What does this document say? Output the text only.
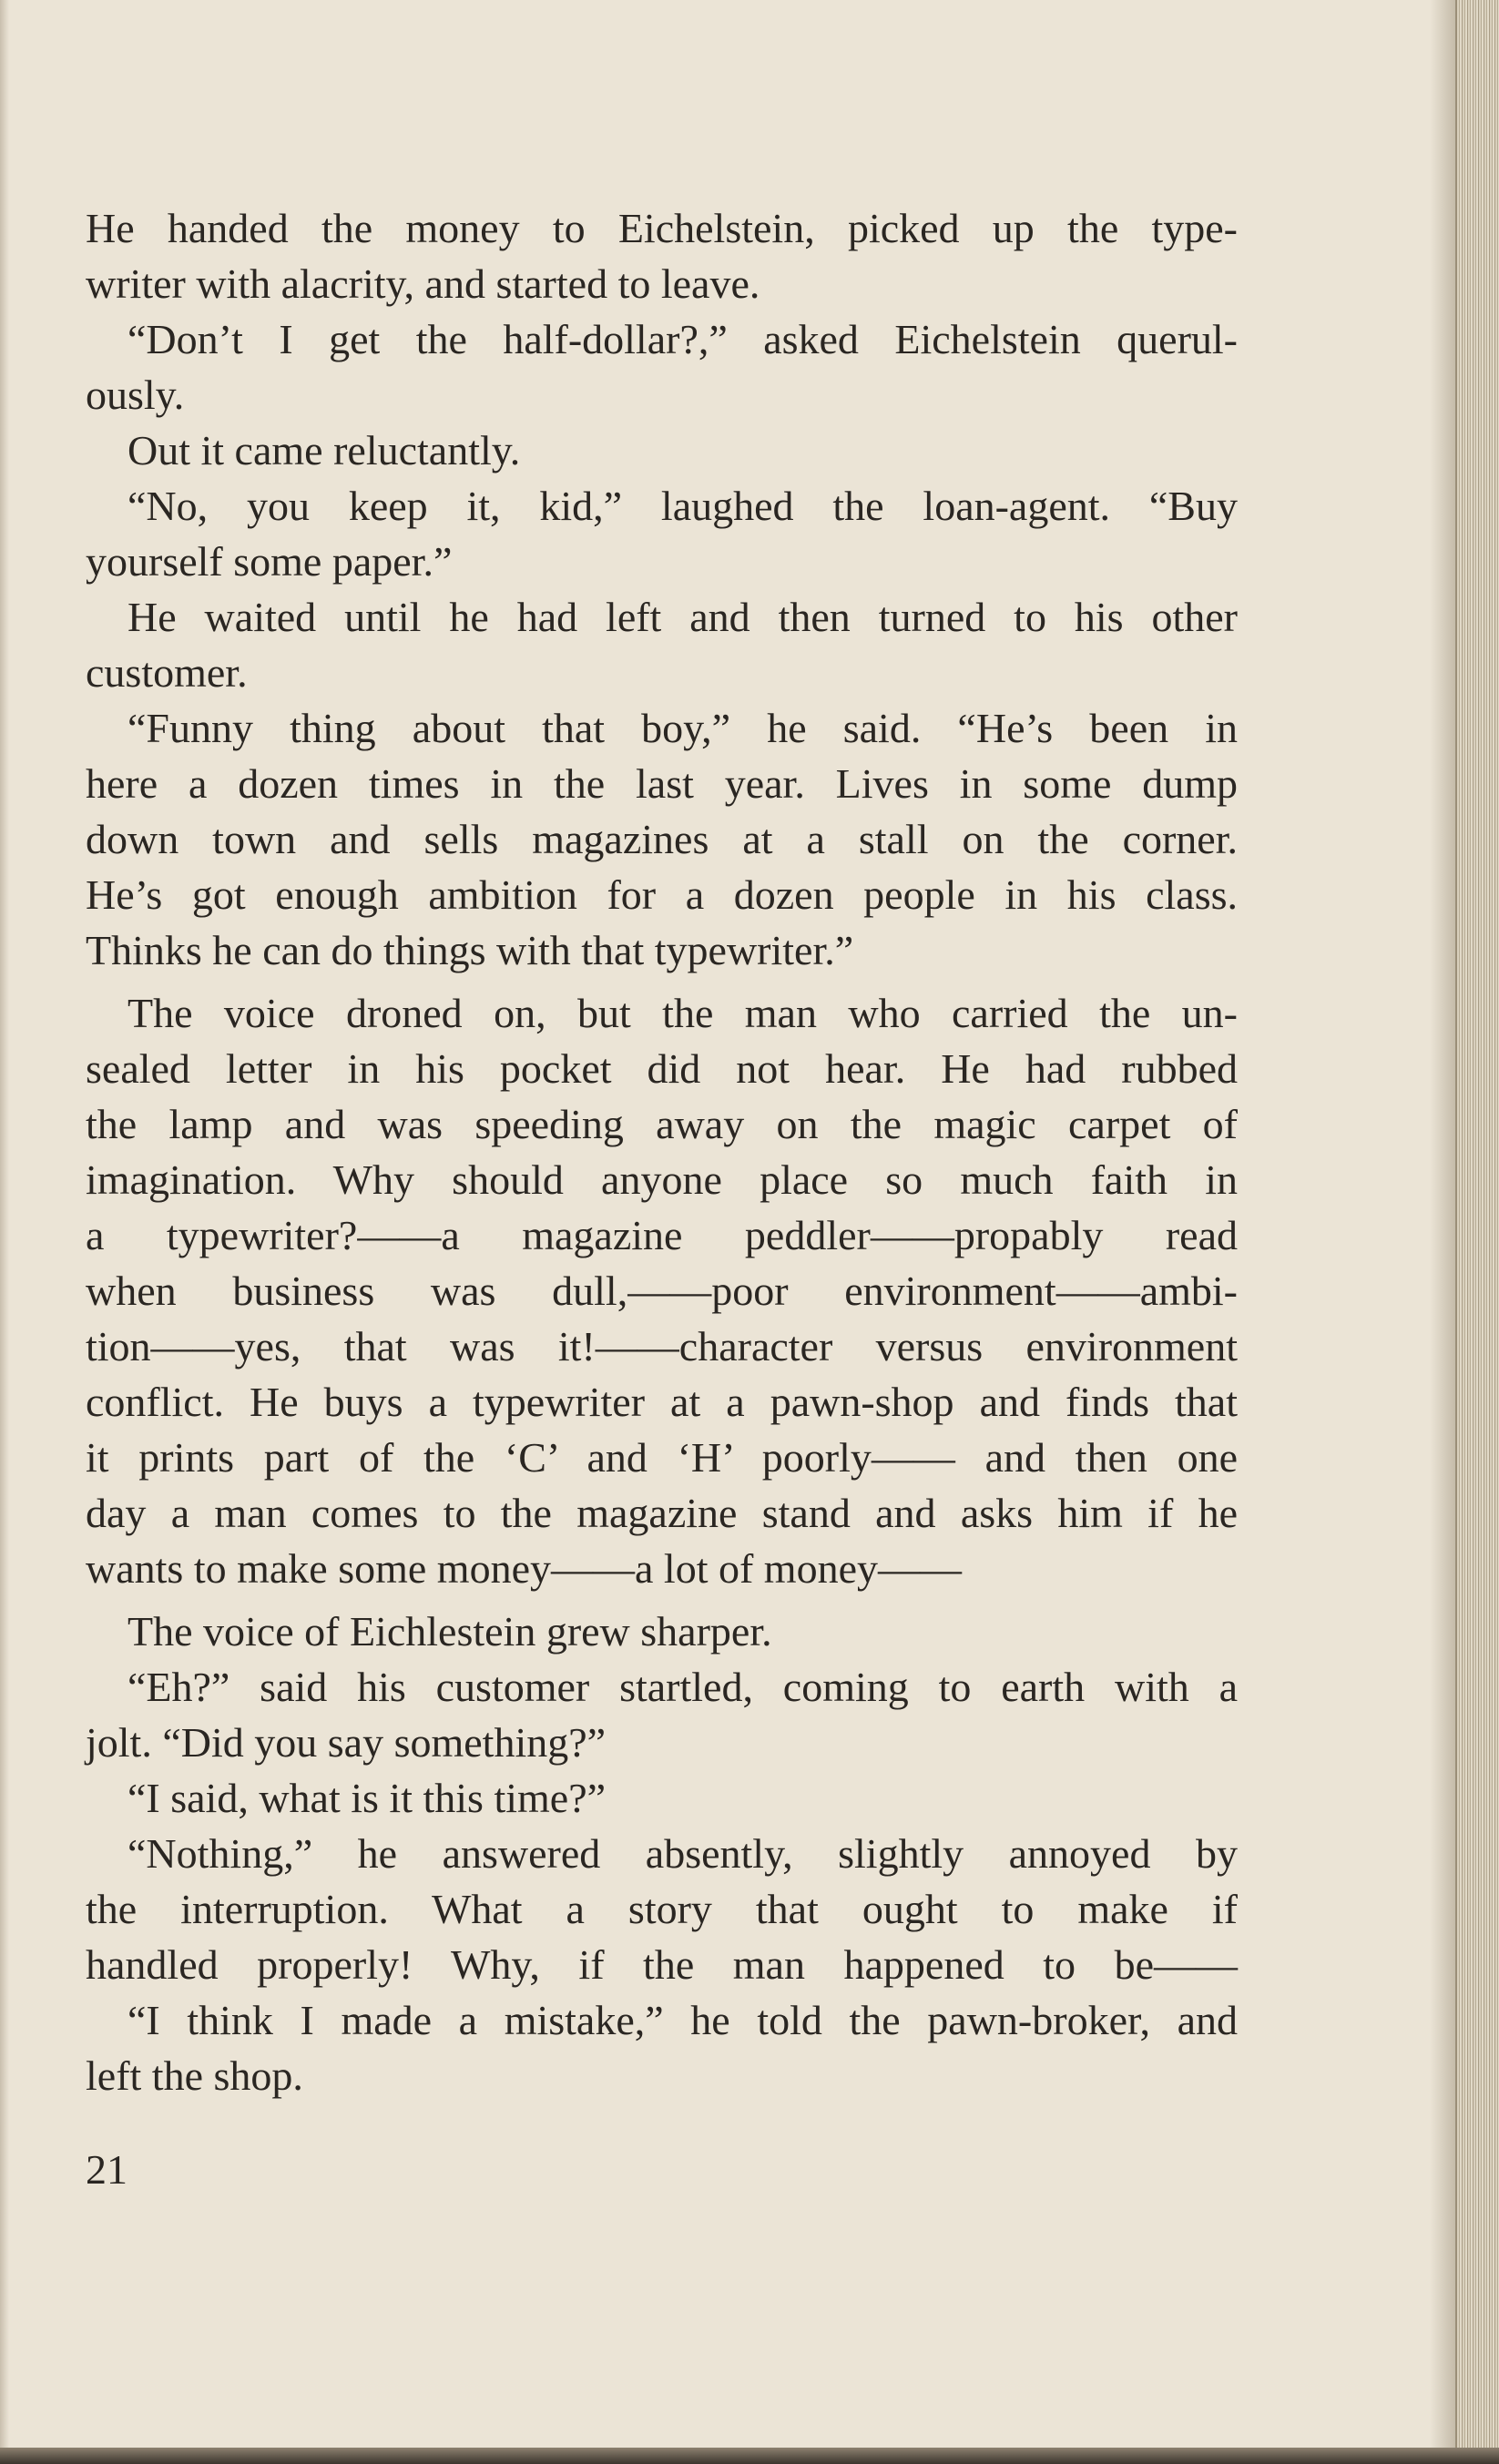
He handed the money to Eichelstein, picked up the type-
writer with alacrity, and started to leave.
“Don’t I get the half-dollar?,” asked Eichelstein querul-
ously.
Out it came reluctantly.
“No, you keep it, kid,” laughed the loan-agent. “Buy
yourself some paper.”
He waited until he had left and then turned to his other
customer.
“Funny thing about that boy,” he said. “He’s been in
here a dozen times in the last year. Lives in some dump
down town and sells magazines at a stall on the corner.
He’s got enough ambition for a dozen people in his class.
Thinks he can do things with that typewriter.”
The voice droned on, but the man who carried the un-
sealed letter in his pocket did not hear. He had rubbed
the lamp and was speeding away on the magic carpet of
imagination. Why should anyone place so much faith in
a typewriter?——a magazine peddler——propably read
when business was dull,——poor environment——ambi-
tion——yes, that was it!——character versus environment
conflict. He buys a typewriter at a pawn-shop and finds that
it prints part of the ‘C’ and ‘H’ poorly—— and then one
day a man comes to the magazine stand and asks him if he
wants to make some money——a lot of money——
The voice of Eichlestein grew sharper.
“Eh?” said his customer startled, coming to earth with a
jolt. “Did you say something?”
“I said, what is it this time?”
“Nothing,” he answered absently, slightly annoyed by
the interruption. What a story that ought to make if
handled properly! Why, if the man happened to be——
“I think I made a mistake,” he told the pawn-broker, and
left the shop.
21
